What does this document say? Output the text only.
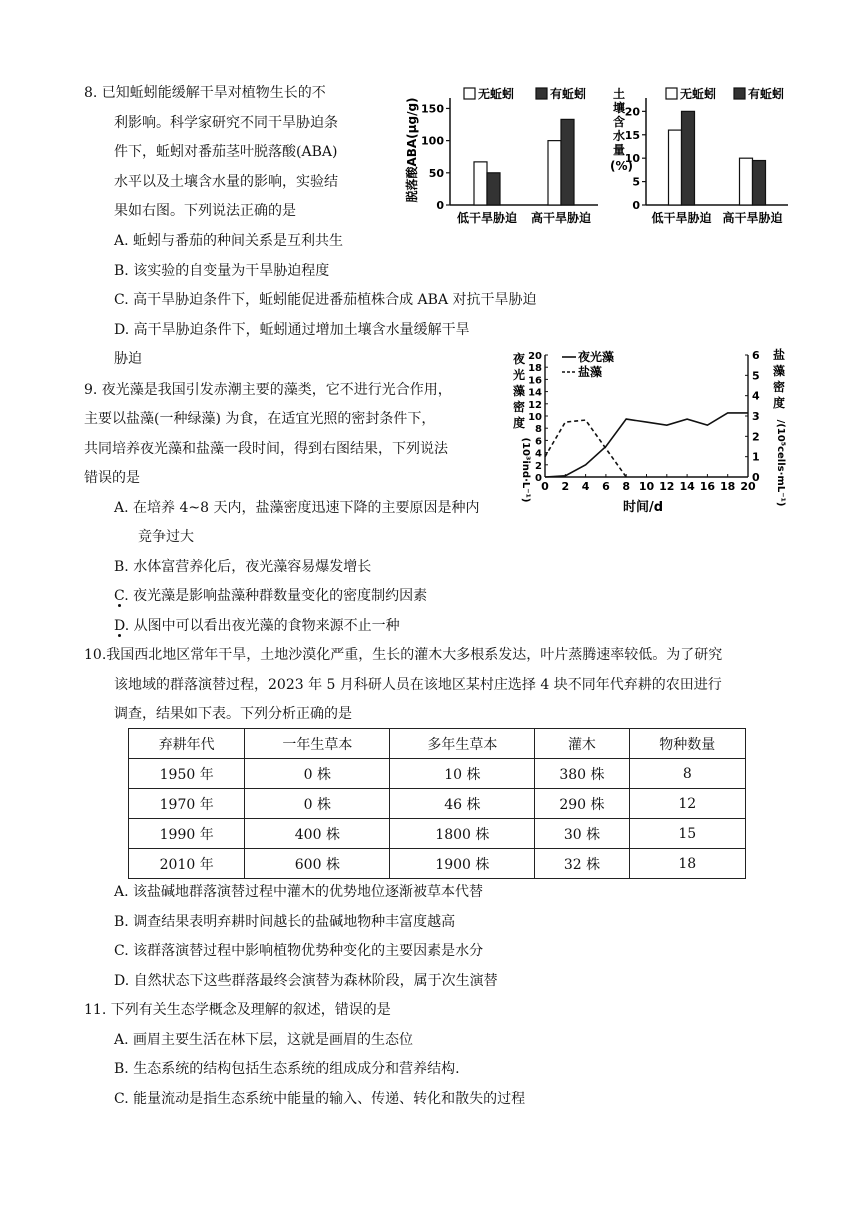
8. 已知蚯蚓能缓解干旱对植物生长的不
利影响。科学家研究不同干旱胁迫条
件下，蚯蚓对番茄茎叶脱落酸(ABA)
水平以及土壤含水量的影响，实验结
果如右图。下列说法正确的是
A. 蚯蚓与番茄的种间关系是互利共生
B. 该实验的自变量为干旱胁迫程度
C. 高干旱胁迫条件下，蚯蚓能促进番茄植株合成 ABA 对抗干旱胁迫
D. 高干旱胁迫条件下，蚯蚓通过增加土壤含水量缓解干旱
胁迫
无蚯蚓	有蚯蚓
脱落酸ABA(μg/g) 150
100
50
0
低干旱胁迫 高干旱胁迫
无蚯蚓	有蚯蚓
土
壤
含
水
量
(%)
20
15
10
5
0
低干旱胁迫 高干旱胁迫
9. 夜光藻是我国引发赤潮主要的藻类，它不进行光合作用，
主要以盐藻(一种绿藻) 为食，在适宜光照的密封条件下，
共同培养夜光藻和盐藻一段时间，得到右图结果，下列说法
错误的是
A. 在培养 4~8 天内，盐藻密度迅速下降的主要原因是种内
竞争过大
B. 水体富营养化后，夜光藻容易爆发增长
C. 夜光藻是影响盐藻种群数量变化的密度制约因素
D. 从图中可以看出夜光藻的食物来源不止一种
夜
光
藻
密
度
(10³ind·L⁻¹)
盐
藻
密
度
/(10⁵cells·mL⁻¹)
夜光藻
盐藻
时间/d
20
18
16
14
12
10
8
6
4
2
0
6
5
4
3
2
1
0
0 2 4 6 8 10 12 14 16 18 20
10.我国西北地区常年干旱，土地沙漠化严重，生长的灌木大多根系发达，叶片蒸腾速率较低。为了研究
该地域的群落演替过程，2023 年 5 月科研人员在该地区某村庄选择 4 块不同年代弃耕的农田进行
调查，结果如下表。下列分析正确的是
弃耕年代	一年生草本	多年生草本	灌木	物种数量
1950 年	0 株	10 株	380 株	8
1970 年	0 株	46 株	290 株	12
1990 年	400 株	1800 株	30 株	15
2010 年	600 株	1900 株	32 株	18
A. 该盐碱地群落演替过程中灌木的优势地位逐渐被草本代替
B. 调查结果表明弃耕时间越长的盐碱地物种丰富度越高
C. 该群落演替过程中影响植物优势种变化的主要因素是水分
D. 自然状态下这些群落最终会演替为森林阶段，属于次生演替
11. 下列有关生态学概念及理解的叙述，错误的是
A. 画眉主要生活在林下层，这就是画眉的生态位
B. 生态系统的结构包括生态系统的组成成分和营养结构.
C. 能量流动是指生态系统中能量的输入、传递、转化和散失的过程
